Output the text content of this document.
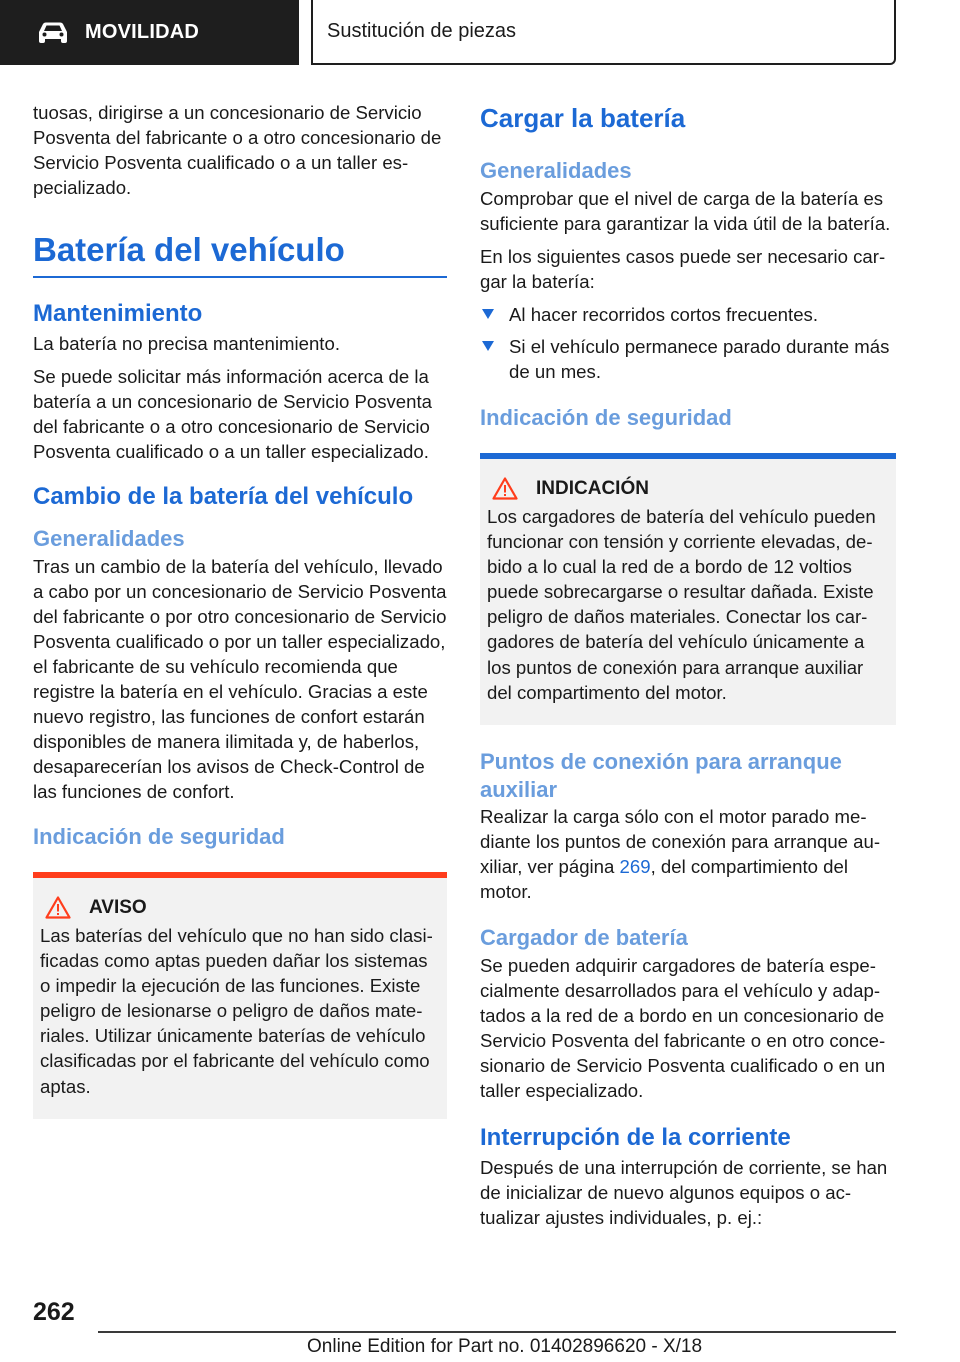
MOVILIDAD	Sustitución de piezas

tuosas, dirigirse a un concesionario de Servicio Posventa del fabricante o a otro concesionario de Servicio Posventa cualificado o a un taller especializado.

Batería del vehículo
Mantenimiento

La batería no precisa mantenimiento.

Se puede solicitar más información acerca de la batería a un concesionario de Servicio Posventa del fabricante o a otro concesionario de Servicio Posventa cualificado o a un taller especializado.

Cambio de la batería del vehículo
Generalidades

Tras un cambio de la batería del vehículo, llevado a cabo por un concesionario de Servicio Posventa del fabricante o por otro concesionario de Servicio Posventa cualificado o por un taller especializado, el fabricante de su vehículo recomienda que registre la batería en el vehículo. Gracias a este nuevo registro, las funciones de confort estarán disponibles de manera ilimitada y, de haberlos, desaparecerían los avisos de Check-Control de las funciones de confort.

Indicación de seguridad
AVISO

Las baterías del vehículo que no han sido clasificadas como aptas pueden dañar los sistemas o impedir la ejecución de las funciones. Existe peligro de lesionarse o peligro de daños materiales. Utilizar únicamente baterías de vehículo clasificadas por el fabricante del vehículo como aptas.

Cargar la batería
Generalidades

Comprobar que el nivel de carga de la batería es suficiente para garantizar la vida útil de la batería.

En los siguientes casos puede ser necesario cargar la batería:

Al hacer recorridos cortos frecuentes.
Si el vehículo permanece parado durante más de un mes.
Indicación de seguridad
INDICACIÓN

Los cargadores de batería del vehículo pueden funcionar con tensión y corriente elevadas, debido a lo cual la red de a bordo de 12 voltios puede sobrecargarse o resultar dañada. Existe peligro de daños materiales. Conectar los cargadores de batería del vehículo únicamente a los puntos de conexión para arranque auxiliar del compartimento del motor.

Puntos de conexión para arranque auxiliar

Realizar la carga sólo con el motor parado mediante los puntos de conexión para arranque auxiliar, ver página 269, del compartimiento del motor.

Cargador de batería

Se pueden adquirir cargadores de batería especialmente desarrollados para el vehículo y adaptados a la red de a bordo en un concesionario de Servicio Posventa del fabricante o en otro concesionario de Servicio Posventa cualificado o en un taller especializado.

Interrupción de la corriente

Después de una interrupción de corriente, se han de inicializar de nuevo algunos equipos o actualizar ajustes individuales, p. ej.:

262
Online Edition for Part no. 01402896620 - X/18
